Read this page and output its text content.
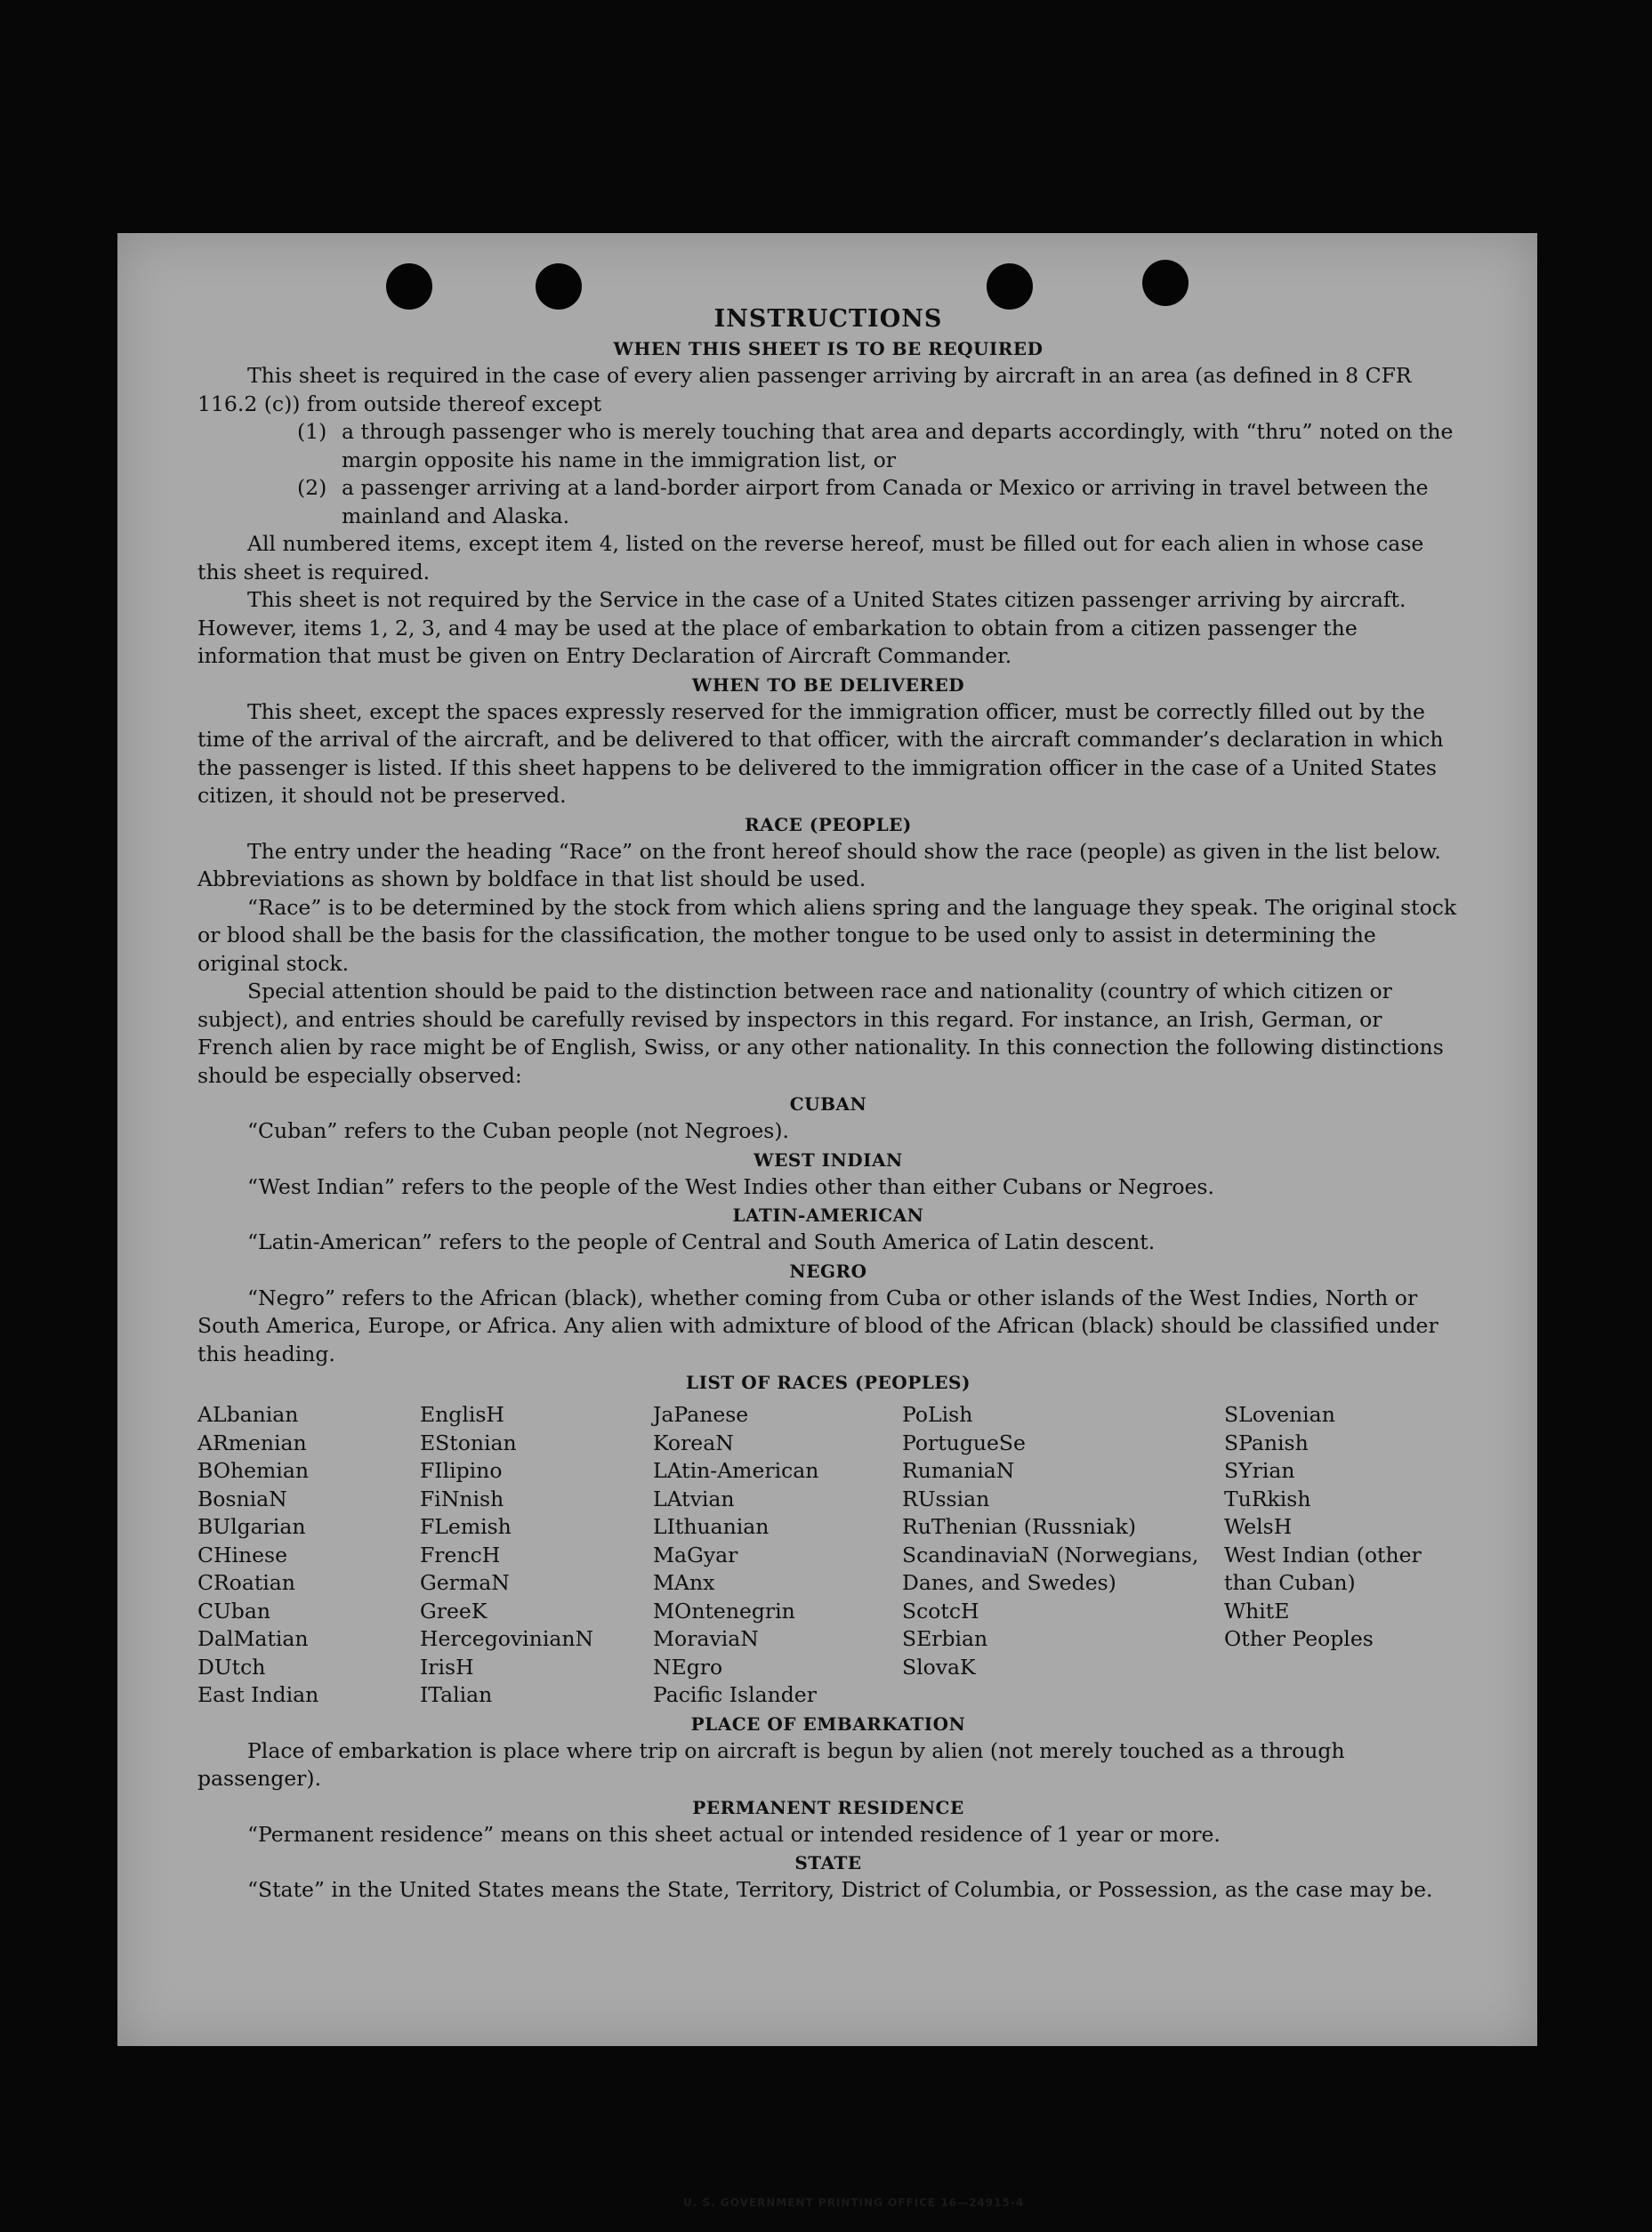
INSTRUCTIONS

WHEN THIS SHEET IS TO BE REQUIRED

This sheet is required in the case of every alien passenger arriving by aircraft in an area (as defined in 8 CFR 116.2 (c)) from outside thereof except

(1) a through passenger who is merely touching that area and departs accordingly, with “thru” noted on the margin opposite his name in the immigration list, or
(2) a passenger arriving at a land-border airport from Canada or Mexico or arriving in travel between the mainland and Alaska.

All numbered items, except item 4, listed on the reverse hereof, must be filled out for each alien in whose case this sheet is required.

This sheet is not required by the Service in the case of a United States citizen passenger arriving by aircraft. However, items 1, 2, 3, and 4 may be used at the place of embarkation to obtain from a citizen passenger the information that must be given on Entry Declaration of Aircraft Commander.

WHEN TO BE DELIVERED

This sheet, except the spaces expressly reserved for the immigration officer, must be correctly filled out by the time of the arrival of the aircraft, and be delivered to that officer, with the aircraft commander’s declaration in which the passenger is listed. If this sheet happens to be delivered to the immigration officer in the case of a United States citizen, it should not be preserved.

RACE (PEOPLE)

The entry under the heading “Race” on the front hereof should show the race (people) as given in the list below. Abbreviations as shown by boldface in that list should be used.

“Race” is to be determined by the stock from which aliens spring and the language they speak. The original stock or blood shall be the basis for the classification, the mother tongue to be used only to assist in determining the original stock.

Special attention should be paid to the distinction between race and nationality (country of which citizen or subject), and entries should be carefully revised by inspectors in this regard. For instance, an Irish, German, or French alien by race might be of English, Swiss, or any other nationality. In this connection the following distinctions should be especially observed:

CUBAN

“Cuban” refers to the Cuban people (not Negroes).

WEST INDIAN

“West Indian” refers to the people of the West Indies other than either Cubans or Negroes.

LATIN-AMERICAN

“Latin-American” refers to the people of Central and South America of Latin descent.

NEGRO

“Negro” refers to the African (black), whether coming from Cuba or other islands of the West Indies, North or South America, Europe, or Africa. Any alien with admixture of blood of the African (black) should be classified under this heading.

LIST OF RACES (PEOPLES)

ALbanian
ARmenian
BOhemian
BosniaN
BUlgarian
CHinese
CRoatian
CUban
DalMatian
DUtch
East Indian
EnglisH
EStonian
FIlipino
FiNnish
FLemish
FrencH
GermaN
GreeK
HercegovinianN
IrisH
ITalian
JaPanese
KoreaN
LAtin-American
LAtvian
LIthuanian
MaGyar
MAnx
MOntenegrin
MoraviaN
NEgro
Pacific Islander
PoLish
PortugueSe
RumaniaN
RUssian
RuThenian (Russniak)
ScandinaviaN (Norwegians, Danes, and Swedes)
ScotcH
SErbian
SlovaK
SLovenian
SPanish
SYrian
TuRkish
WelsH
West Indian (other than Cuban)
WhitE
Other Peoples

PLACE OF EMBARKATION

Place of embarkation is place where trip on aircraft is begun by alien (not merely touched as a through passenger).

PERMANENT RESIDENCE

“Permanent residence” means on this sheet actual or intended residence of 1 year or more.

STATE

“State” in the United States means the State, Territory, District of Columbia, or Possession, as the case may be.

U. S. GOVERNMENT PRINTING OFFICE 16—24915-4
